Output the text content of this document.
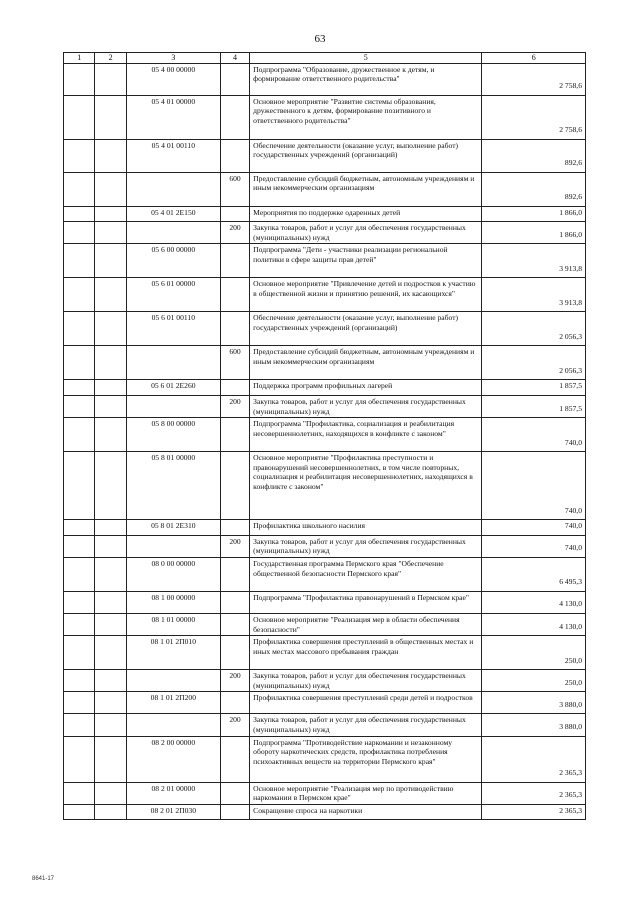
63
1	2	3	4	5	6
		05 4 00 00000		Подпрограмма "Образование, дружественное к детям, и формирование ответственного родительства"	2 758,6
		05 4 01 00000		Основное мероприятие "Развитие системы образования, дружественного к детям, формирование позитивного и ответственного родительства"	2 758,6
		05 4 01 00110		Обеспечение деятельности (оказание услуг, выполнение работ) государственных учреждений (организаций)	892,6
			600	Предоставление субсидий бюджетным, автономным учреждениям и иным некоммерческим организациям	892,6
		05 4 01 2Е150		Мероприятия по поддержке одаренных детей	1 866,0
			200	Закупка товаров, работ и услуг для обеспечения государственных (муниципальных) нужд	1 866,0
		05 6 00 00000		Подпрограмма "Дети - участники реализации региональной политики в сфере защиты прав детей"	3 913,8
		05 6 01 00000		Основное мероприятие "Привлечение детей и подростков к участию в общественной жизни и принятию решений, их касающихся"	3 913,8
		05 6 01 00110		Обеспечение деятельности (оказание услуг, выполнение работ) государственных учреждений (организаций)	2 056,3
			600	Предоставление субсидий бюджетным, автономным учреждениям и иным некоммерческим организациям	2 056,3
		05 6 01 2Е260		Поддержка программ профильных лагерей	1 857,5
			200	Закупка товаров, работ и услуг для обеспечения государственных (муниципальных) нужд	1 857,5
		05 8 00 00000		Подпрограмма "Профилактика, социализация и реабилитация несовершеннолетних, находящихся в конфликте с законом"	740,0
		05 8 01 00000		Основное мероприятие "Профилактика преступности и правонарушений несовершеннолетних, в том числе повторных, социализация и реабилитация несовершеннолетних, находящихся в конфликте с законом"	740,0
		05 8 01 2Е310		Профилактика школьного насилия	740,0
			200	Закупка товаров, работ и услуг для обеспечения государственных (муниципальных) нужд	740,0
		08 0 00 00000		Государственная программа Пермского края "Обеспечение общественной безопасности Пермского края"	6 495,3
		08 1 00 00000		Подпрограмма "Профилактика правонарушений в Пермском крае"	4 130,0
		08 1 01 00000		Основное мероприятие "Реализация мер в области обеспечения безопасности"	4 130,0
		08 1 01 2П010		Профилактика совершения преступлений в общественных местах и иных местах массового пребывания граждан	250,0
			200	Закупка товаров, работ и услуг для обеспечения государственных (муниципальных) нужд	250,0
		08 1 01 2П200		Профилактика совершения преступлений среди детей и подростков	3 880,0
			200	Закупка товаров, работ и услуг для обеспечения государственных (муниципальных) нужд	3 880,0
		08 2 00 00000		Подпрограмма "Противодействие наркомании и незаконному обороту наркотических средств, профилактика потребления психоактивных веществ на территории Пермского края"	2 365,3
		08 2 01 00000		Основное мероприятие "Реализация мер по противодействию наркомании в Пермском крае"	2 365,3
		08 2 01 2П030		Сокращение спроса на наркотики	2 365,3
8641-17
